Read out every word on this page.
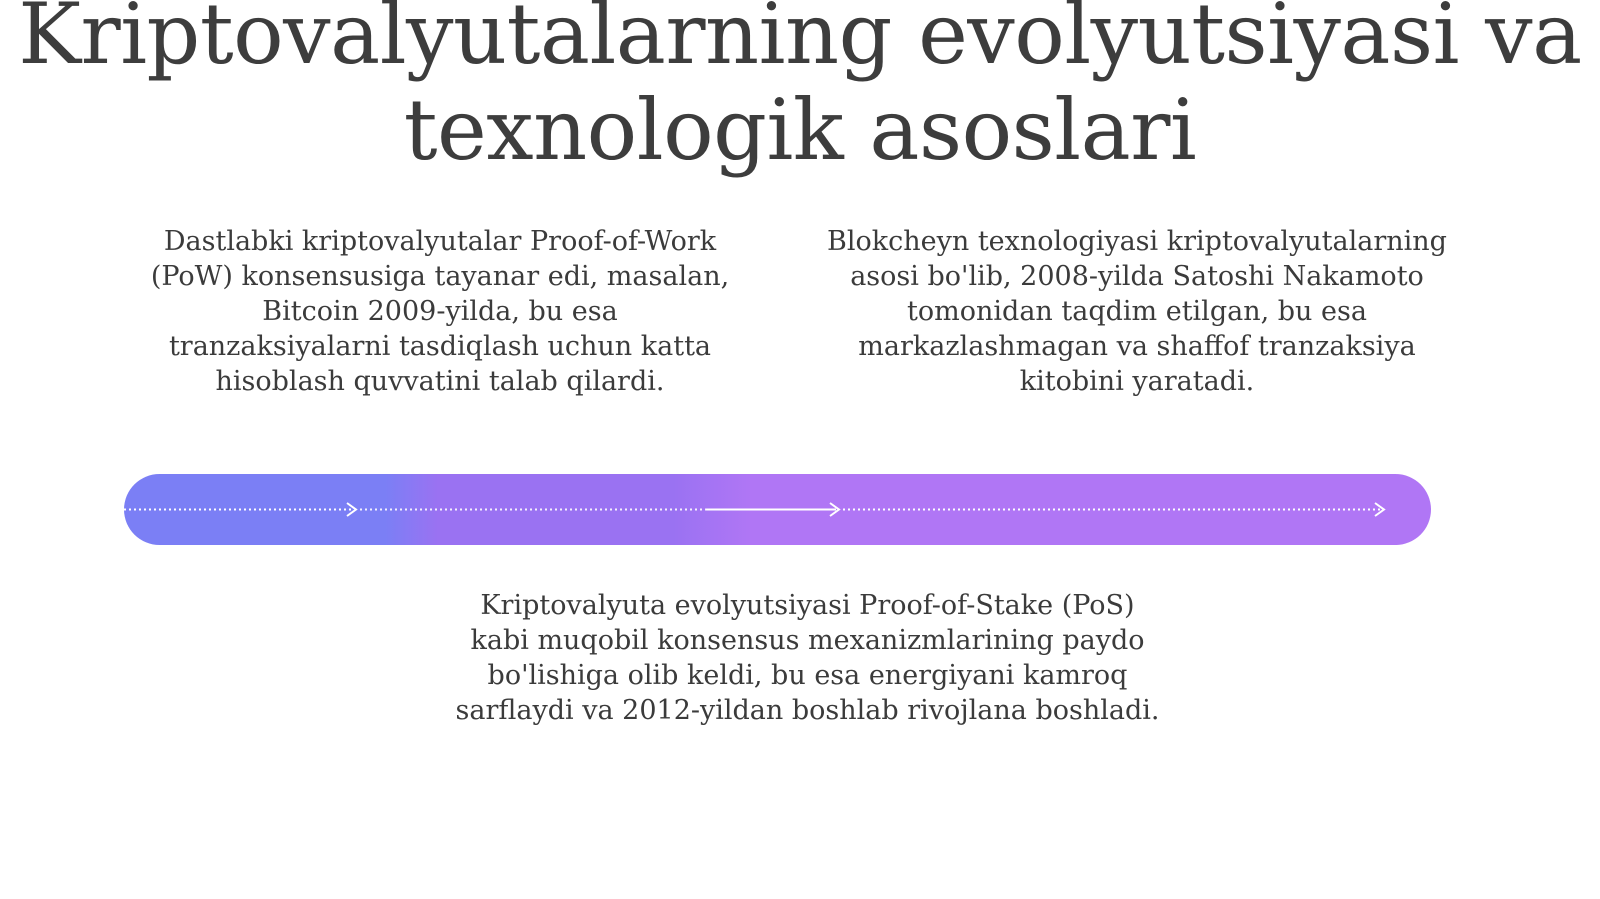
Kriptovalyutalarning evolyutsiyasi va texnologik asoslari

Dastlabki kriptovalyutalar Proof-of-Work (PoW) konsensusiga tayanar edi, masalan, Bitcoin 2009-yilda, bu esa tranzaksiyalarni tasdiqlash uchun katta hisoblash quvvatini talab qilardi.

Blokcheyn texnologiyasi kriptovalyutalarning asosi bo'lib, 2008-yilda Satoshi Nakamoto tomonidan taqdim etilgan, bu esa markazlashmagan va shaffof tranzaksiya kitobini yaratadi.

Kriptovalyuta evolyutsiyasi Proof-of-Stake (PoS) kabi muqobil konsensus mexanizmlarining paydo bo'lishiga olib keldi, bu esa energiyani kamroq sarflaydi va 2012-yildan boshlab rivojlana boshladi.
